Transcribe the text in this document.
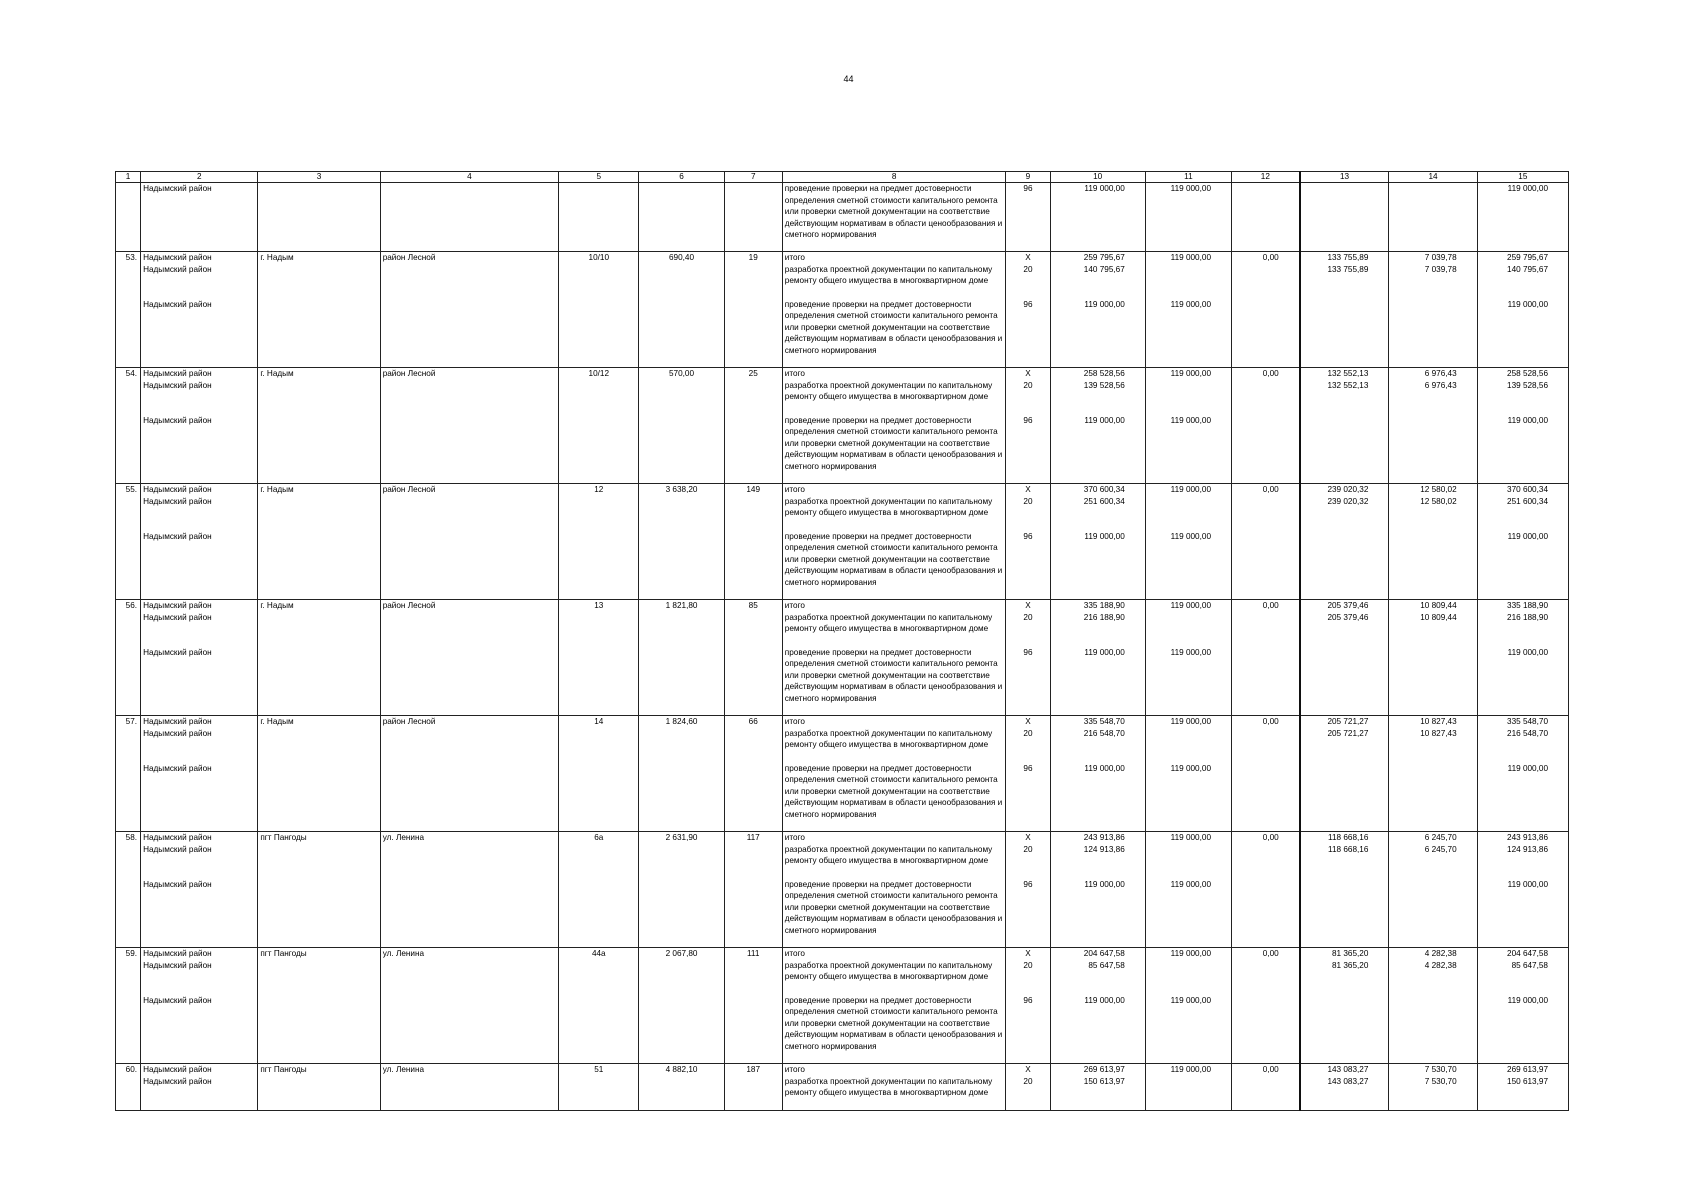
44
1	2	3	4	5	6	7	8	9	10	11	12	13	14	15
	Надымский район						проведение проверки на предмет достоверности определения сметной стоимости капитального ремонта или проверки сметной документации на соответствие действующим нормативам в области ценообразования и сметного нормирования	96	119 000,00	119 000,00				119 000,00
53.	Надымский район	г. Надым	район Лесной	10/10	690,40	19	итого	X	259 795,67	119 000,00	0,00	133 755,89	7 039,78	259 795,67
	Надымский район						разработка проектной документации по капитальному ремонту общего имущества в многоквартирном доме	20	140 795,67			133 755,89	7 039,78	140 795,67
	Надымский район						проведение проверки на предмет достоверности определения сметной стоимости капитального ремонта или проверки сметной документации на соответствие действующим нормативам в области ценообразования и сметного нормирования	96	119 000,00	119 000,00				119 000,00
54.	Надымский район	г. Надым	район Лесной	10/12	570,00	25	итого	X	258 528,56	119 000,00	0,00	132 552,13	6 976,43	258 528,56
	Надымский район						разработка проектной документации по капитальному ремонту общего имущества в многоквартирном доме	20	139 528,56			132 552,13	6 976,43	139 528,56
	Надымский район						проведение проверки на предмет достоверности определения сметной стоимости капитального ремонта или проверки сметной документации на соответствие действующим нормативам в области ценообразования и сметного нормирования	96	119 000,00	119 000,00				119 000,00
55.	Надымский район	г. Надым	район Лесной	12	3 638,20	149	итого	X	370 600,34	119 000,00	0,00	239 020,32	12 580,02	370 600,34
	Надымский район						разработка проектной документации по капитальному ремонту общего имущества в многоквартирном доме	20	251 600,34			239 020,32	12 580,02	251 600,34
	Надымский район						проведение проверки на предмет достоверности определения сметной стоимости капитального ремонта или проверки сметной документации на соответствие действующим нормативам в области ценообразования и сметного нормирования	96	119 000,00	119 000,00				119 000,00
56.	Надымский район	г. Надым	район Лесной	13	1 821,80	85	итого	X	335 188,90	119 000,00	0,00	205 379,46	10 809,44	335 188,90
	Надымский район						разработка проектной документации по капитальному ремонту общего имущества в многоквартирном доме	20	216 188,90			205 379,46	10 809,44	216 188,90
	Надымский район						проведение проверки на предмет достоверности определения сметной стоимости капитального ремонта или проверки сметной документации на соответствие действующим нормативам в области ценообразования и сметного нормирования	96	119 000,00	119 000,00				119 000,00
57.	Надымский район	г. Надым	район Лесной	14	1 824,60	66	итого	X	335 548,70	119 000,00	0,00	205 721,27	10 827,43	335 548,70
	Надымский район						разработка проектной документации по капитальному ремонту общего имущества в многоквартирном доме	20	216 548,70			205 721,27	10 827,43	216 548,70
	Надымский район						проведение проверки на предмет достоверности определения сметной стоимости капитального ремонта или проверки сметной документации на соответствие действующим нормативам в области ценообразования и сметного нормирования	96	119 000,00	119 000,00				119 000,00
58.	Надымский район	пгт Пангоды	ул. Ленина	6а	2 631,90	117	итого	X	243 913,86	119 000,00	0,00	118 668,16	6 245,70	243 913,86
	Надымский район						разработка проектной документации по капитальному ремонту общего имущества в многоквартирном доме	20	124 913,86			118 668,16	6 245,70	124 913,86
	Надымский район						проведение проверки на предмет достоверности определения сметной стоимости капитального ремонта или проверки сметной документации на соответствие действующим нормативам в области ценообразования и сметного нормирования	96	119 000,00	119 000,00				119 000,00
59.	Надымский район	пгт Пангоды	ул. Ленина	44а	2 067,80	111	итого	X	204 647,58	119 000,00	0,00	81 365,20	4 282,38	204 647,58
	Надымский район						разработка проектной документации по капитальному ремонту общего имущества в многоквартирном доме	20	85 647,58			81 365,20	4 282,38	85 647,58
	Надымский район						проведение проверки на предмет достоверности определения сметной стоимости капитального ремонта или проверки сметной документации на соответствие действующим нормативам в области ценообразования и сметного нормирования	96	119 000,00	119 000,00				119 000,00
60.	Надымский район	пгт Пангоды	ул. Ленина	51	4 882,10	187	итого	X	269 613,97	119 000,00	0,00	143 083,27	7 530,70	269 613,97
	Надымский район						разработка проектной документации по капитальному ремонту общего имущества в многоквартирном доме	20	150 613,97			143 083,27	7 530,70	150 613,97
